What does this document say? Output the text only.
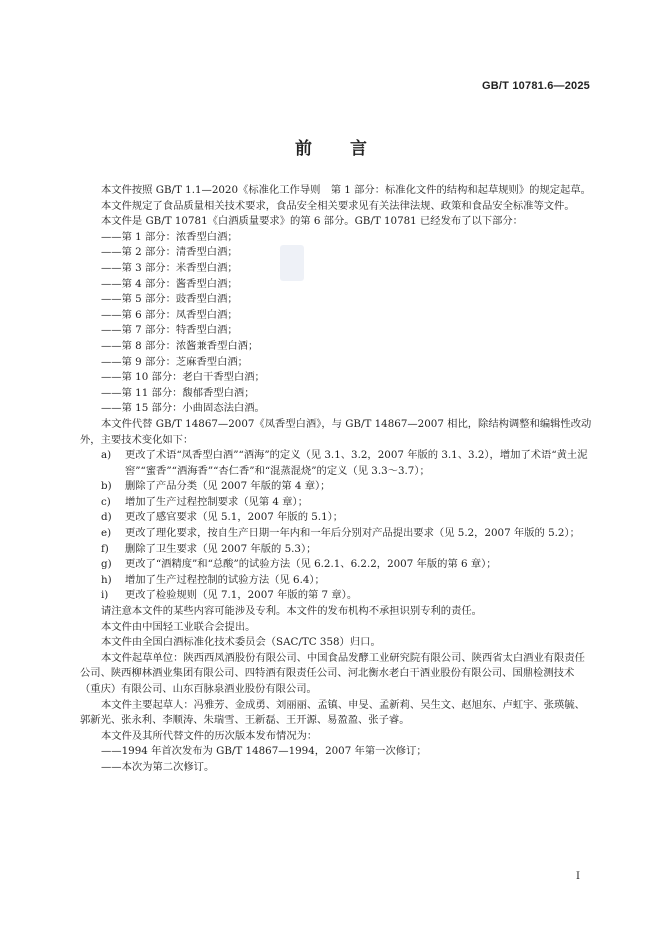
GB/T 10781.6—2025
前言

本文件按照 GB/T 1.1—2020《标准化工作导则　第 1 部分：标准化文件的结构和起草规则》的规定起草。

本文件规定了食品质量相关技术要求，食品安全相关要求见有关法律法规、政策和食品安全标准等文件。

本文件是 GB/T 10781《白酒质量要求》的第 6 部分。GB/T 10781 已经发布了以下部分：

——第 1 部分：浓香型白酒；

——第 2 部分：清香型白酒；

——第 3 部分：米香型白酒；

——第 4 部分：酱香型白酒；

——第 5 部分：豉香型白酒；

——第 6 部分：凤香型白酒；

——第 7 部分：特香型白酒；

——第 8 部分：浓酱兼香型白酒；

——第 9 部分：芝麻香型白酒；

——第 10 部分：老白干香型白酒；

——第 11 部分：馥郁香型白酒；

——第 15 部分：小曲固态法白酒。

本文件代替 GB/T 14867—2007《凤香型白酒》，与 GB/T 14867—2007 相比，除结构调整和编辑性改动外，主要技术变化如下：

a) 更改了术语“凤香型白酒”“酒海”的定义（见 3.1、3.2，2007 年版的 3.1、3.2），增加了术语“黄土泥窖”“蜜香”“酒海香”“杏仁香”和“混蒸混烧”的定义（见 3.3～3.7）；

b) 删除了产品分类（见 2007 年版的第 4 章）；

c) 增加了生产过程控制要求（见第 4 章）；

d) 更改了感官要求（见 5.1，2007 年版的 5.1）；

e) 更改了理化要求，按自生产日期一年内和一年后分别对产品提出要求（见 5.2，2007 年版的 5.2）；

f) 删除了卫生要求（见 2007 年版的 5.3）；

g) 更改了“酒精度”和“总酸”的试验方法（见 6.2.1、6.2.2，2007 年版的第 6 章）；

h) 增加了生产过程控制的试验方法（见 6.4）；

i) 更改了检验规则（见 7.1，2007 年版的第 7 章）。

请注意本文件的某些内容可能涉及专利。本文件的发布机构不承担识别专利的责任。

本文件由中国轻工业联合会提出。

本文件由全国白酒标准化技术委员会（SAC/TC 358）归口。

本文件起草单位：陕西西凤酒股份有限公司、中国食品发酵工业研究院有限公司、陕西省太白酒业有限责任公司、陕西柳林酒业集团有限公司、四特酒有限责任公司、河北衡水老白干酒业股份有限公司、国鼎检测技术（重庆）有限公司、山东百脉泉酒业股份有限公司。

本文件主要起草人：冯雅芳、金成勇、刘丽丽、孟镇、申旻、孟新莉、吴生文、赵旭东、卢虹宇、张瑛毓、郭新光、张永利、李顺涛、朱瑞雪、王新磊、王开源、易盈盈、张子睿。

本文件及其所代替文件的历次版本发布情况为：

——1994 年首次发布为 GB/T 14867—1994，2007 年第一次修订；

——本次为第二次修订。

I
